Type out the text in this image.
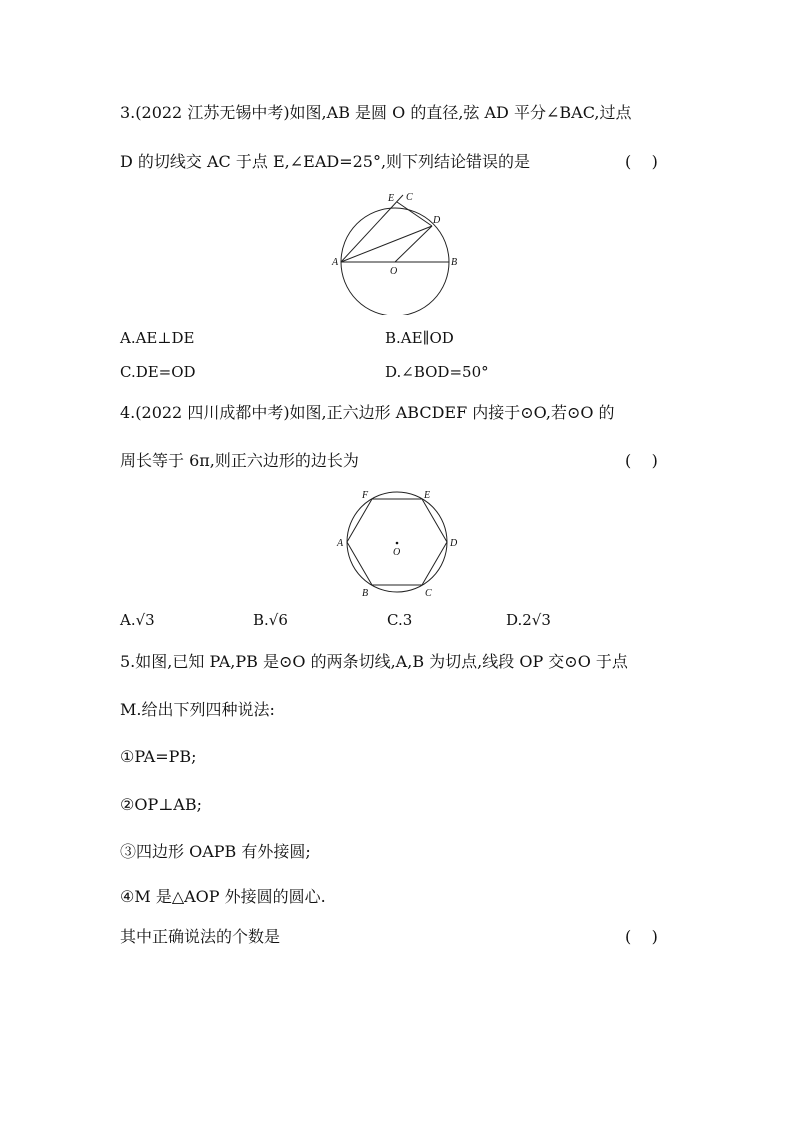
3.(2022 江苏无锡中考)如图,AB 是圆 O 的直径,弦 AD 平分∠BAC,过点
D 的切线交 AC 于点 E,∠EAD=25°,则下列结论错误的是	(    )
E C
D
A
O
B
A.AE⊥DE	B.AE∥OD
C.DE=OD	D.∠BOD=50°
4.(2022 四川成都中考)如图,正六边形 ABCDEF 内接于⊙O,若⊙O 的
周长等于 6π,则正六边形的边长为	(    )
F	E
A
O
D
B	C
A.√3	B.√6	C.3	D.2√3
5.如图,已知 PA,PB 是⊙O 的两条切线,A,B 为切点,线段 OP 交⊙O 于点
M.给出下列四种说法:
①PA=PB;
②OP⊥AB;
③四边形 OAPB 有外接圆;
④M 是△AOP 外接圆的圆心.
其中正确说法的个数是	(    )
